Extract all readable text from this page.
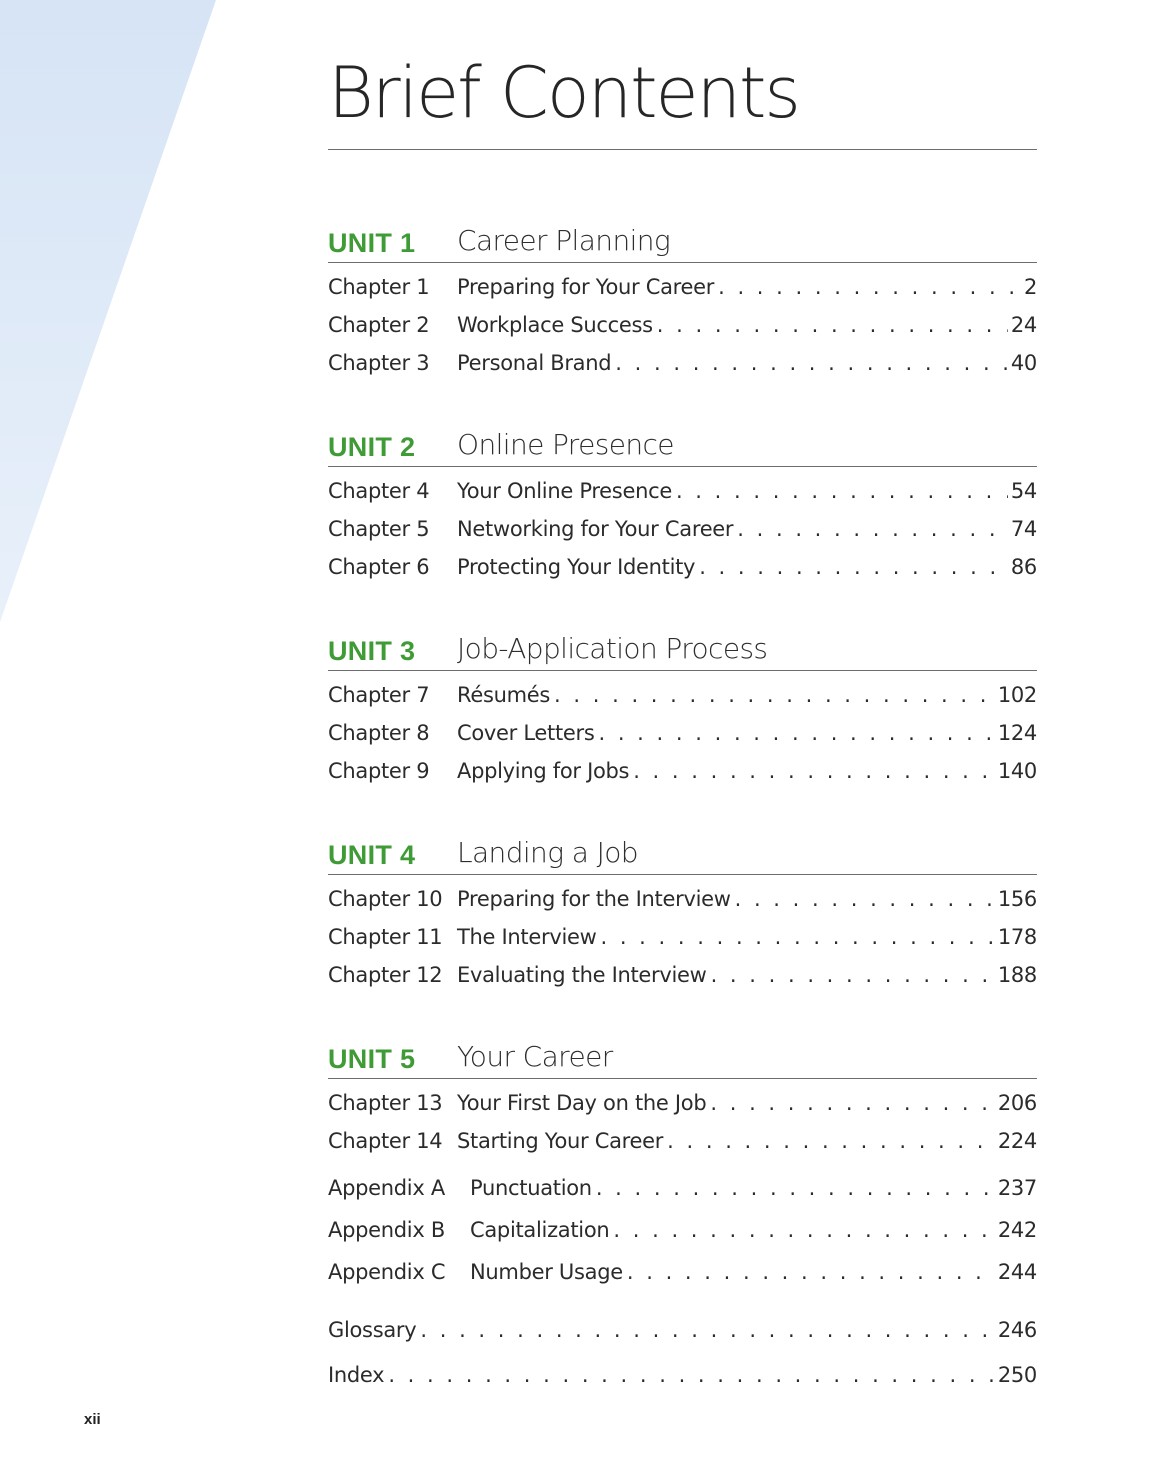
Brief Contents
UNIT 1 Career Planning
Chapter 1	Preparing for Your Career . . .	2
Chapter 2	Workplace Success . . .	24
Chapter 3	Personal Brand . . .	40
UNIT 2 Online Presence
Chapter 4	Your Online Presence . . .	54
Chapter 5	Networking for Your Career . . .	74
Chapter 6	Protecting Your Identity . . .	86
UNIT 3 Job-Application Process
Chapter 7	Résumés . . .	102
Chapter 8	Cover Letters . . .	124
Chapter 9	Applying for Jobs . . .	140
UNIT 4 Landing a Job
Chapter 10 Preparing for the Interview . . .	156
Chapter 11 The Interview . . .	178
Chapter 12 Evaluating the Interview . . .	188
UNIT 5 Your Career
Chapter 13 Your First Day on the Job . . .	206
Chapter 14 Starting Your Career . . .	224
Appendix A	Punctuation . . .	237
Appendix B	Capitalization . . .	242
Appendix C	Number Usage . . .	244
Glossary . . .	246
Index . . .	250
xii
